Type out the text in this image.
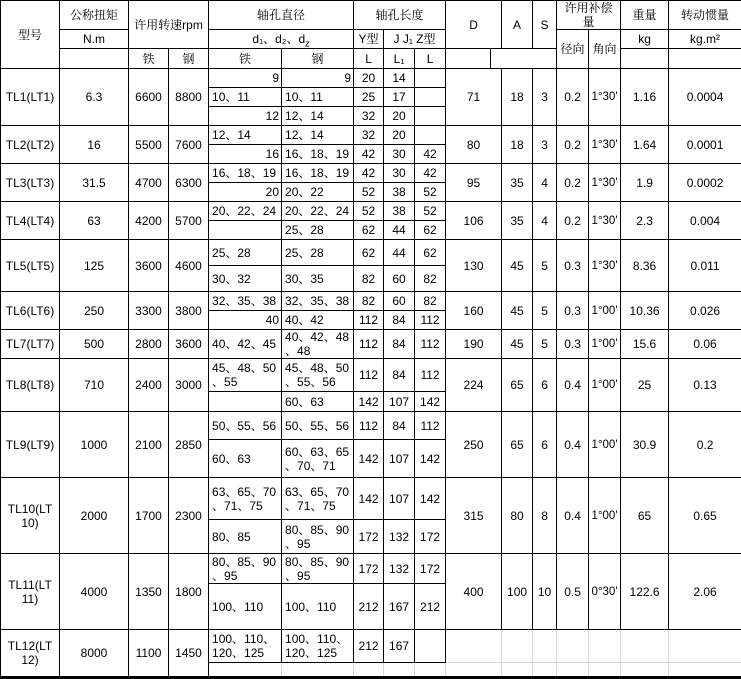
型号	公称扭矩	许用转速rpm		轴孔直径		轴孔长度			D	A	S	许用补偿量		重量	转动惯量
	N.m			d₁、d₂、$d_z$		Y型	J J₁ Z型					径向	角向	kg	kg.m²
		铁	钢	铁	钢	L	L₁	L					

TL1(LT1)	6.3	6600	8800	9	9	20	14		71	18	3	0.2	1°30'	1.16	0.0004
				10、11	10、11	25	17								
				12	12、14	32	20								
TL2(LT2)	16	5500	7600	12、14	12、14	32	20		80	18	3	0.2	1°30'	1.64	0.0001
				16	16、18、19	42	30	42							
TL3(LT3)	31.5	4700	6300	16、18、19	16、18、19	42	30	42	95	35	4	0.2	1°30'	1.9	0.0002
				20	20、22	52	38	52							
TL4(LT4)	63	4200	5700	20、22、24	20、22、24	52	38	52	106	35	4	0.2	1°30'	2.3	0.004
					25、28	62	44	62							
TL5(LT5)	125	3600	4600	25、28	25、28	62	44	62	130	45	5	0.3	1°30'	8.36	0.011
				30、32	30、35	82	60	82							
TL6(LT6)	250	3300	3800	32、35、38	32、35、38	82	60	82	160	45	5	0.3	1°00'	10.36	0.026
				40	40、42	112	84	112							
TL7(LT7)	500	2800	3600	40、42、45	40、42、48、48	112	84	112	190	45	5	0.3	1°00'	15.6	0.06
TL8(LT8)	710	2400	3000	45、48、50、55	45、48、50、55、56	112	84	112	224	65	6	0.4	1°00'	25	0.13
					60、63	142	107	142							
TL9(LT9)	1000	2100	2850	50、55、56	50、55、56	112	84	112	250	65	6	0.4	1°00'	30.9	0.2
				60、63	60、63、65、70、71	142	107	142							
TL10(LT 10)	2000	1700	2300	63、65、70、71、75	63、65、70、71、75	142	107	142	315	80	8	0.4	1°00'	65	0.65
				80、85	80、85、90、95	172	132	172							
TL11(LT 11)	4000	1350	1800	80、85、90、95	80、85、90、95	172	132	172	400	100	10	0.5	0°30'	122.6	2.06
				100、110	100、110	212	167	212							
TL12(LT 12)	8000	1100	1450	100、110、120、125	100、110、120、125	212	167								
